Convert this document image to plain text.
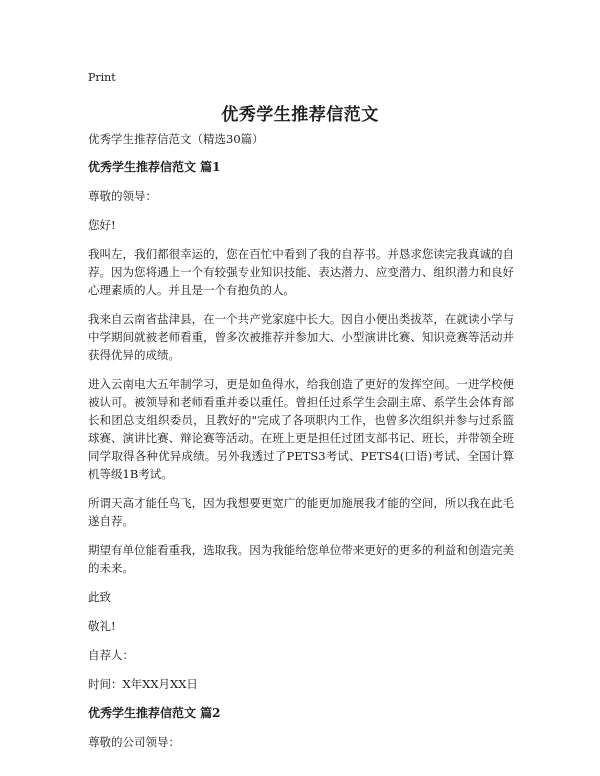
Print
优秀学生推荐信范文
优秀学生推荐信范文（精选30篇）
优秀学生推荐信范文 篇1

尊敬的领导：

您好!

我叫左，我们都很幸运的，您在百忙中看到了我的自荐书。并恳求您读完我真诚的自荐。因为您将遇上一个有较强专业知识技能、表达潜力、应变潜力、组织潜力和良好心理素质的人。并且是一个有抱负的人。

我来自云南省盐津县，在一个共产党家庭中长大。因自小便出类拔萃，在就读小学与中学期间就被老师看重，曾多次被推荐并参加大、小型演讲比赛、知识竞赛等活动并获得优异的成绩。

进入云南电大五年制学习，更是如鱼得水，给我创造了更好的发挥空间。一进学校便被认可。被领导和老师看重并委以重任。曾担任过系学生会副主席、系学生会体育部长和团总支组织委员，且教好的"完成了各项职内工作，也曾多次组织并参与过系篮球赛、演讲比赛、辩论赛等活动。在班上更是担任过团支部书记、班长，并带领全班同学取得各种优异成绩。另外我透过了PETS3考试、PETS4(口语)考试、全国计算机等级1B考试。

所谓天高才能任鸟飞，因为我想要更宽广的能更加施展我才能的空间，所以我在此毛遂自荐。

期望有单位能看重我，选取我。因为我能给您单位带来更好的更多的利益和创造完美的未来。

此致

敬礼!

自荐人：

时间：X年XX月XX日

优秀学生推荐信范文 篇2

尊敬的公司领导：
